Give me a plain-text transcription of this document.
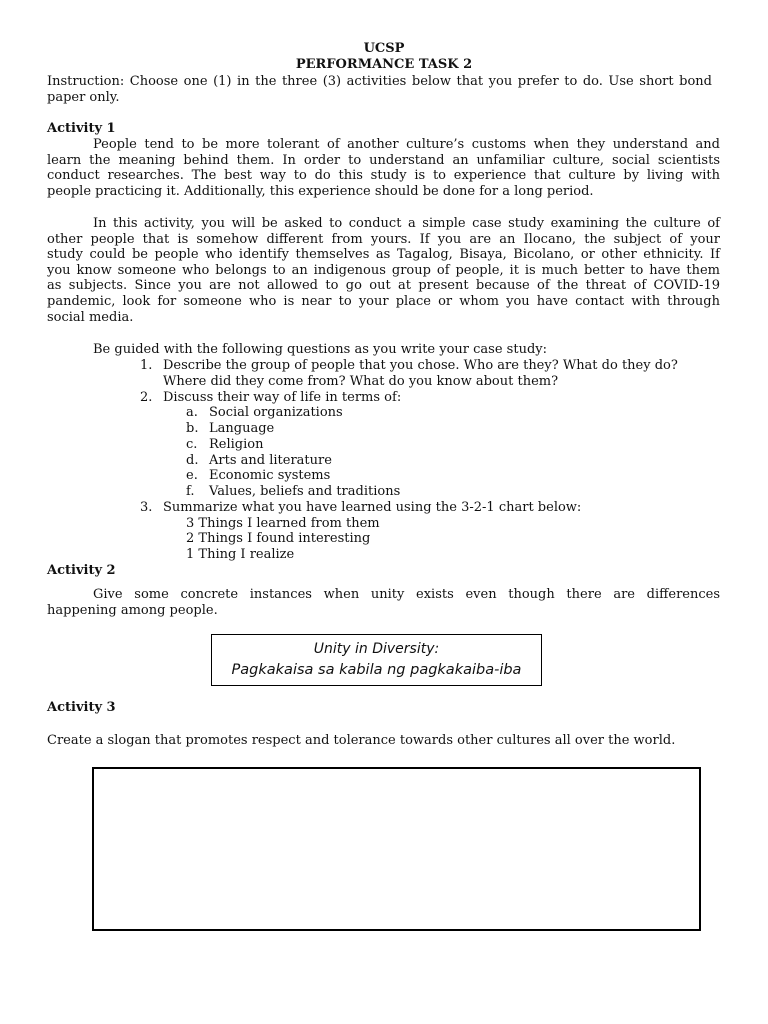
UCSP
PERFORMANCE TASK 2
Instruction: Choose one (1) in the three (3) activities below that you prefer to do. Use short bond
paper only.
Activity 1
People tend to be more tolerant of another culture’s customs when they understand and
learn the meaning behind them. In order to understand an unfamiliar culture, social scientists
conduct researches. The best way to do this study is to experience that culture by living with
people practicing it. Additionally, this experience should be done for a long period.
In this activity, you will be asked to conduct a simple case study examining the culture of
other people that is somehow different from yours. If you are an Ilocano, the subject of your
study could be people who identify themselves as Tagalog, Bisaya, Bicolano, or other ethnicity. If
you know someone who belongs to an indigenous group of people, it is much better to have them
as subjects. Since you are not allowed to go out at present because of the threat of COVID-19
pandemic, look for someone who is near to your place or whom you have contact with through
social media.
Be guided with the following questions as you write your case study:
1. Describe the group of people that you chose. Who are they? What do they do?
Where did they come from? What do you know about them?
2. Discuss their way of life in terms of:
a. Social organizations
b. Language
c. Religion
d. Arts and literature
e. Economic systems
f. Values, beliefs and traditions
3. Summarize what you have learned using the 3-2-1 chart below:
3 Things I learned from them
2 Things I found interesting
1 Thing I realize
Activity 2
Give some concrete instances when unity exists even though there are differences
happening among people.
Unity in Diversity:
Pagkakaisa sa kabila ng pagkakaiba-iba
Activity 3
Create a slogan that promotes respect and tolerance towards other cultures all over the world.
